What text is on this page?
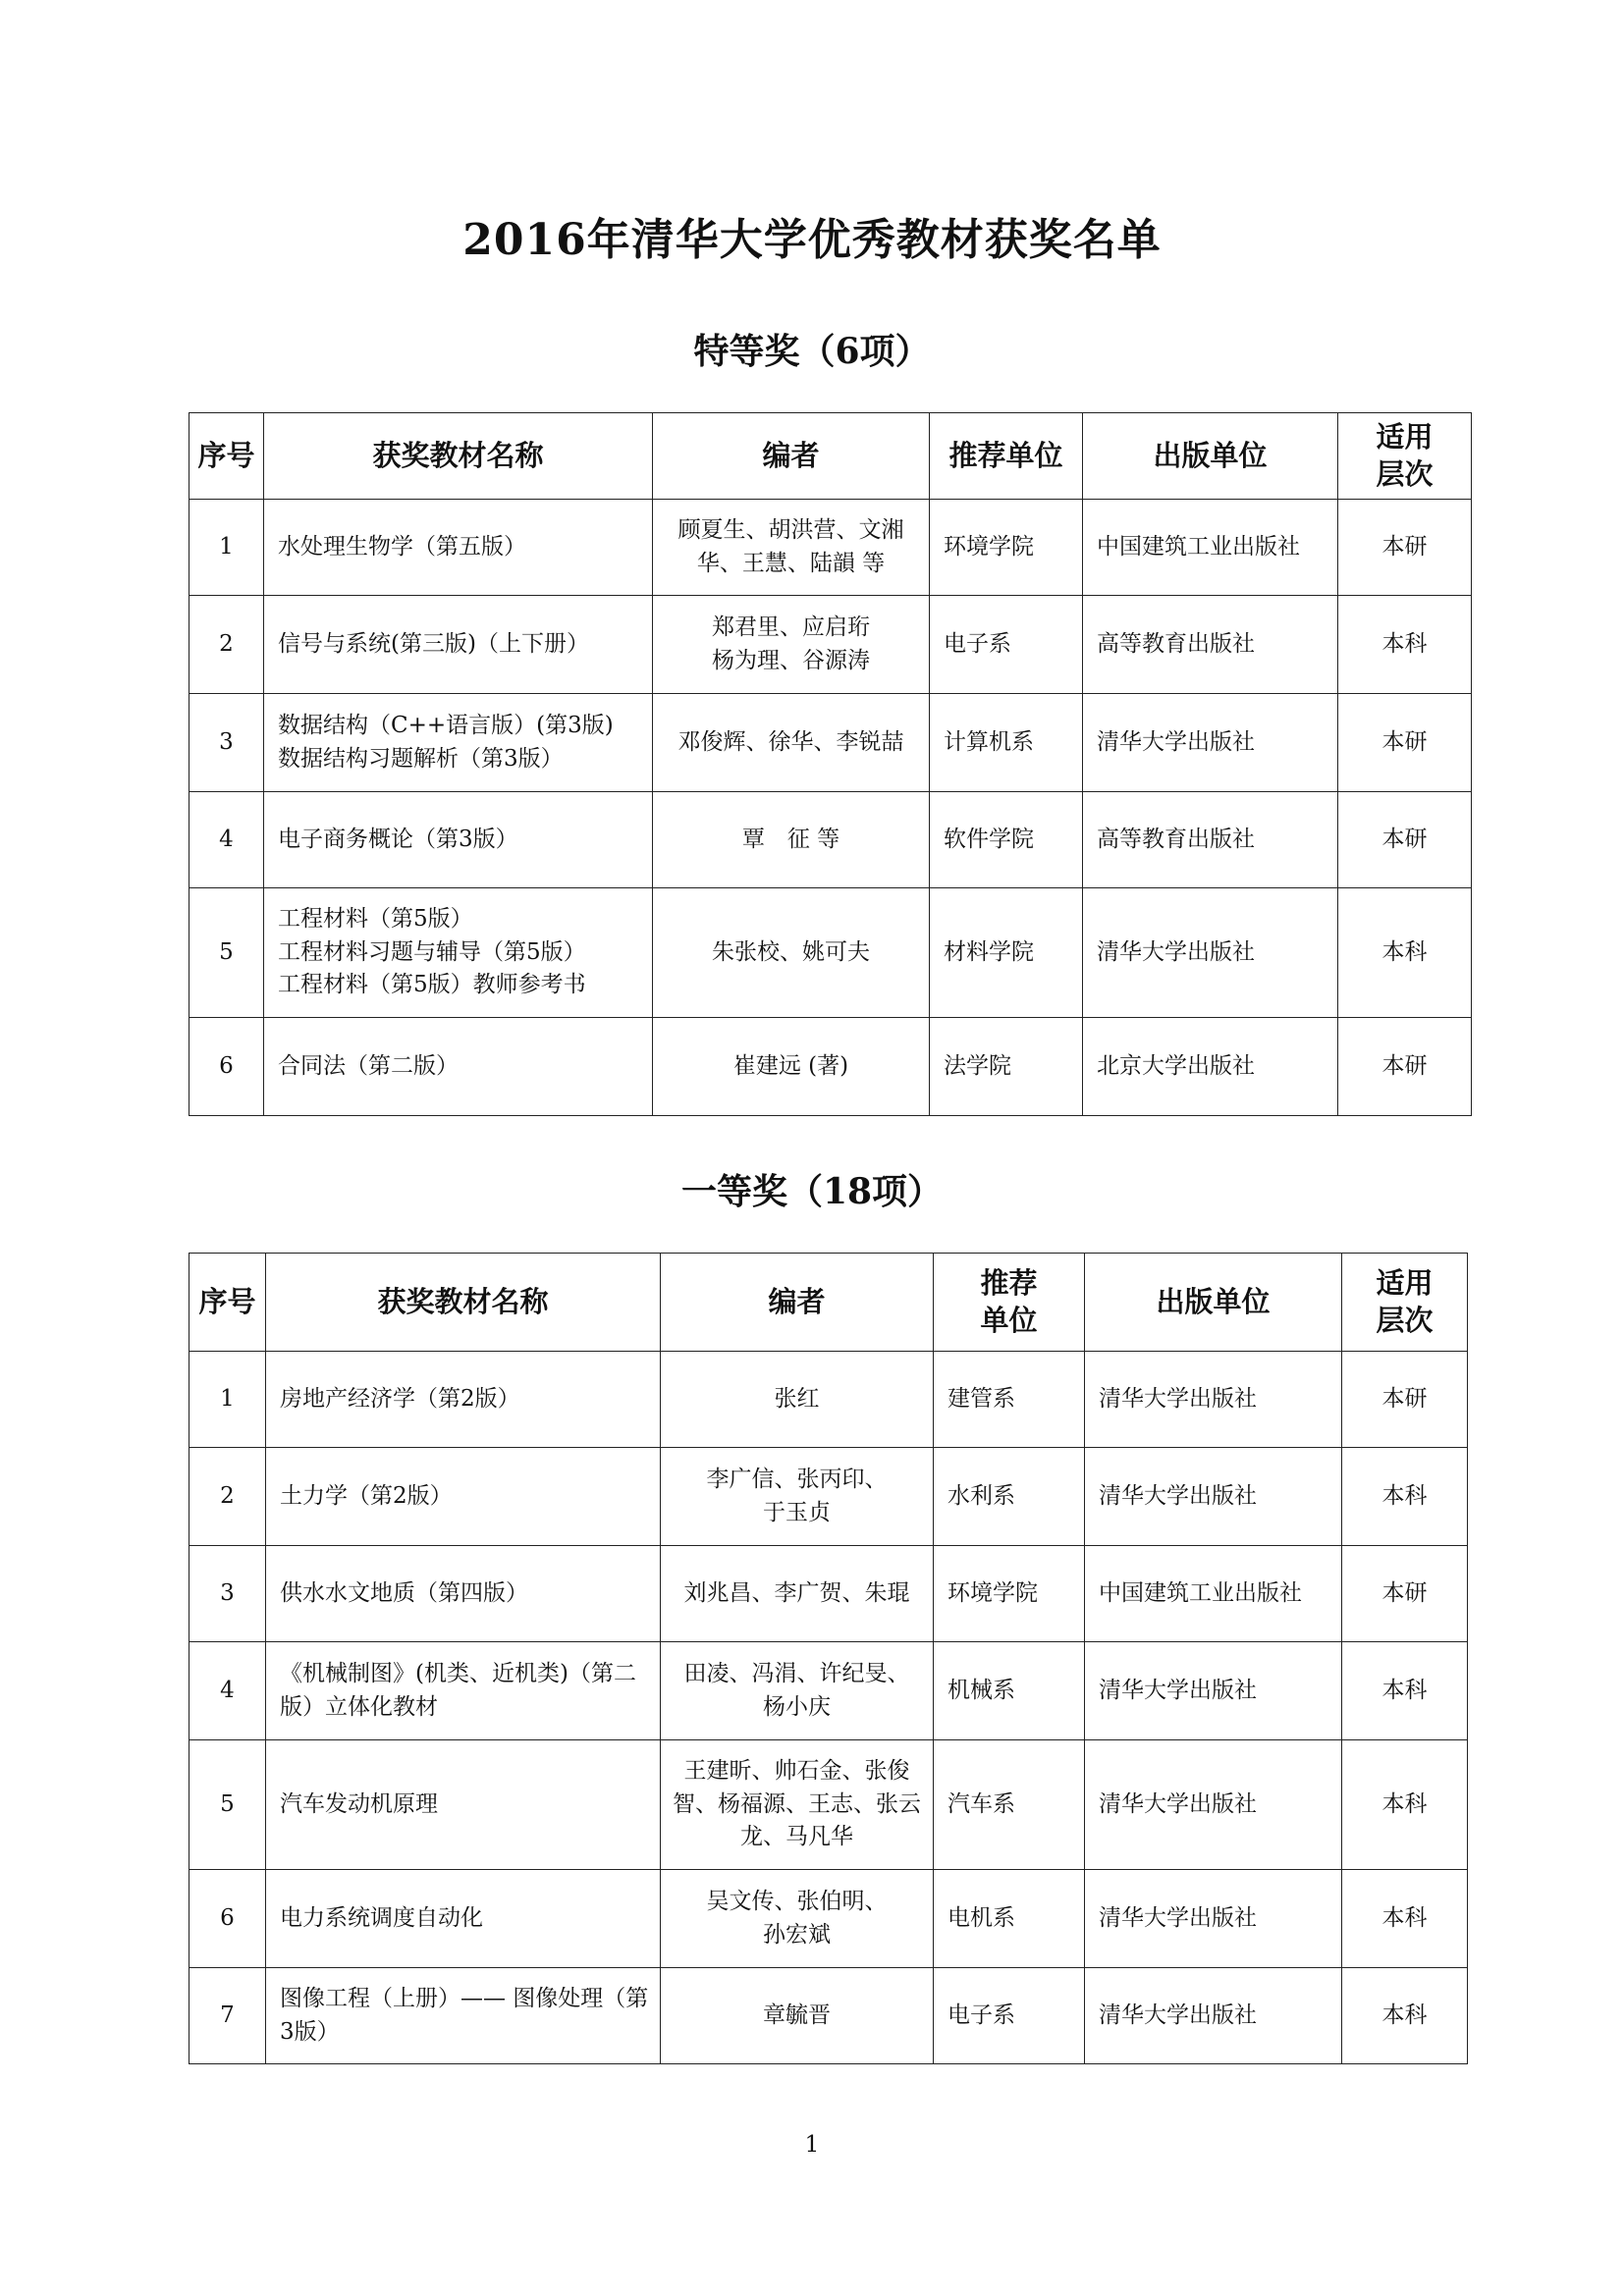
2016年清华大学优秀教材获奖名单
特等奖（6项）
序号	获奖教材名称	编者	推荐单位	出版单位	适用
层次
1	水处理生物学（第五版）	顾夏生、胡洪营、文湘华、王慧、陆韻 等	环境学院	中国建筑工业出版社	本研
2	信号与系统(第三版)（上下册）	郑君里、应启珩
杨为理、谷源涛	电子系	高等教育出版社	本科
3	数据结构（C++语言版）(第3版)
数据结构习题解析（第3版）	邓俊辉、徐华、李锐喆	计算机系	清华大学出版社	本研
4	电子商务概论（第3版）	覃　征 等	软件学院	高等教育出版社	本研
5	工程材料（第5版）
工程材料习题与辅导（第5版）
工程材料（第5版）教师参考书	朱张校、姚可夫	材料学院	清华大学出版社	本科
6	合同法（第二版）	崔建远 (著)	法学院	北京大学出版社	本研
一等奖（18项）
序号	获奖教材名称	编者	推荐
单位	出版单位	适用
层次
1	房地产经济学（第2版）	张红	建管系	清华大学出版社	本研
2	土力学（第2版）	李广信、张丙印、
于玉贞	水利系	清华大学出版社	本科
3	供水水文地质（第四版）	刘兆昌、李广贺、朱琨	环境学院	中国建筑工业出版社	本研
4	《机械制图》(机类、近机类)（第二版）立体化教材	田凌、冯涓、许纪旻、
杨小庆	机械系	清华大学出版社	本科
5	汽车发动机原理	王建昕、帅石金、张俊智、杨福源、王志、张云龙、马凡华	汽车系	清华大学出版社	本科
6	电力系统调度自动化	吴文传、张伯明、
孙宏斌	电机系	清华大学出版社	本科
7	图像工程（上册）—— 图像处理（第3版）	章毓晋	电子系	清华大学出版社	本科
1
